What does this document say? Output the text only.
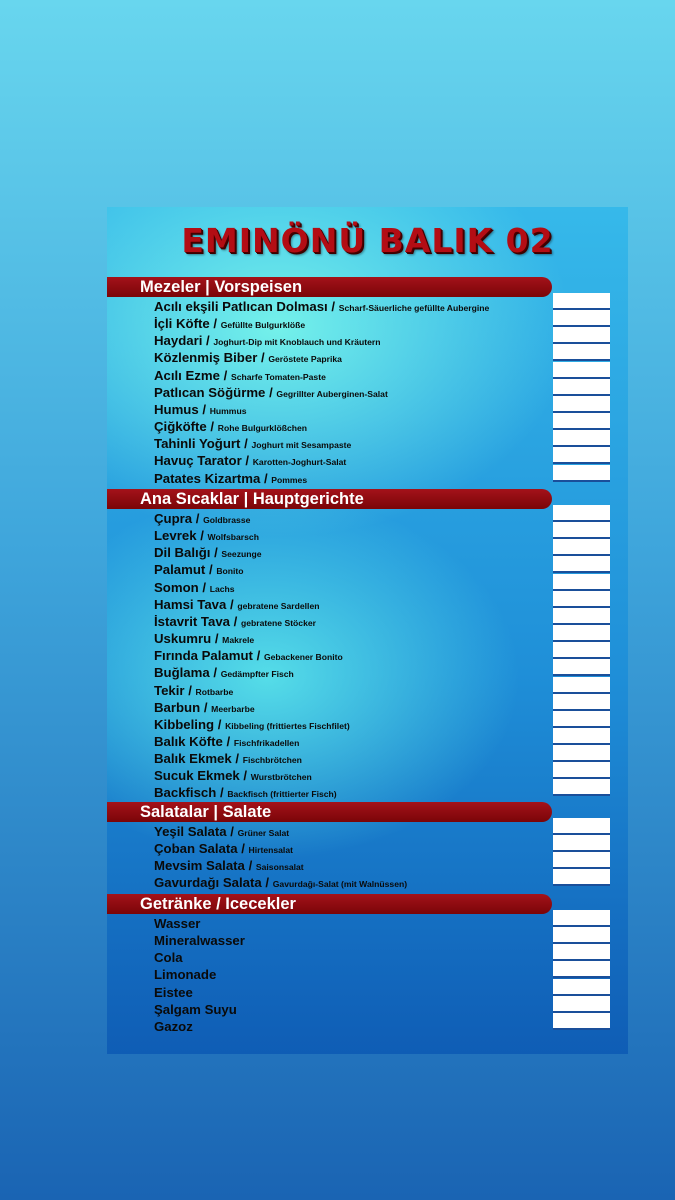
EMINÖNÜ BALIK 02
Mezeler | Vorspeisen
Acılı ekşili Patlıcan Dolması / Scharf-Säuerliche gefüllte Aubergine
İçli Köfte / Gefüllte Bulgurklöße
Haydari / Joghurt-Dip mit Knoblauch und Kräutern
Közlenmiş Biber / Geröstete Paprika
Acılı Ezme / Scharfe Tomaten-Paste
Patlıcan Söğürme / Gegrillter Auberginen-Salat
Humus / Hummus
Çiğköfte / Rohe Bulgurklößchen
Tahinli Yoğurt / Joghurt mit Sesampaste
Havuç Tarator / Karotten-Joghurt-Salat
Patates Kizartma / Pommes
Ana Sıcaklar | Hauptgerichte
Çupra / Goldbrasse
Levrek / Wolfsbarsch
Dil Balığı / Seezunge
Palamut / Bonito
Somon / Lachs
Hamsi Tava / gebratene Sardellen
İstavrit Tava / gebratene Stöcker
Uskumru / Makrele
Fırında Palamut / Gebackener Bonito
Buğlama / Gedämpfter Fisch
Tekir / Rotbarbe
Barbun / Meerbarbe
Kibbeling / Kibbeling (frittiertes Fischfilet)
Balık Köfte / Fischfrikadellen
Balık Ekmek / Fischbrötchen
Sucuk Ekmek / Wurstbrötchen
Backfisch / Backfisch (frittierter Fisch)
Salatalar | Salate
Yeşil Salata / Grüner Salat
Çoban Salata / Hirtensalat
Mevsim Salata / Saisonsalat
Gavurdağı Salata / Gavurdağı-Salat (mit Walnüssen)
Getränke / Icecekler
Wasser
Mineralwasser
Cola
Limonade
Eistee
Şalgam Suyu
Gazoz
